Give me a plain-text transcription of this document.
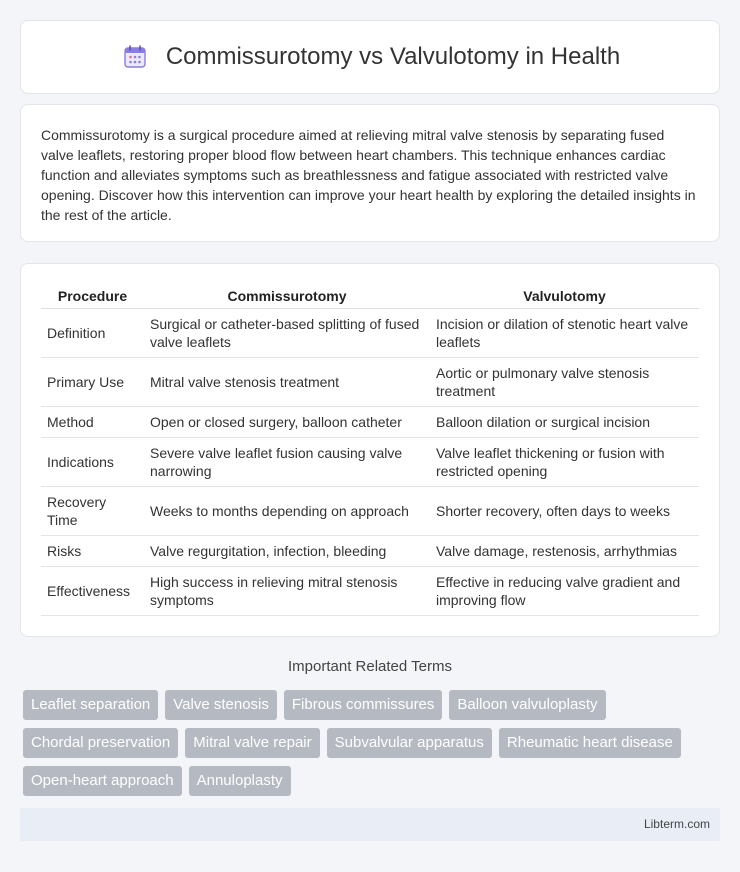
Commissurotomy vs Valvulotomy in Health

Commissurotomy is a surgical procedure aimed at relieving mitral valve stenosis by separating fused valve leaflets, restoring proper blood flow between heart chambers. This technique enhances cardiac function and alleviates symptoms such as breathlessness and fatigue associated with restricted valve opening. Discover how this intervention can improve your heart health by exploring the detailed insights in the rest of the article.

Procedure	Commissurotomy	Valvulotomy
Definition	Surgical or catheter-based splitting of fused valve leaflets	Incision or dilation of stenotic heart valve leaflets
Primary Use	Mitral valve stenosis treatment	Aortic or pulmonary valve stenosis treatment
Method	Open or closed surgery, balloon catheter	Balloon dilation or surgical incision
Indications	Severe valve leaflet fusion causing valve narrowing	Valve leaflet thickening or fusion with restricted opening
Recovery Time	Weeks to months depending on approach	Shorter recovery, often days to weeks
Risks	Valve regurgitation, infection, bleeding	Valve damage, restenosis, arrhythmias
Effectiveness	High success in relieving mitral stenosis symptoms	Effective in reducing valve gradient and improving flow
Important Related Terms
Leaflet separation	Valve stenosis	Fibrous commissures	Balloon valvuloplasty
Chordal preservation	Mitral valve repair	Subvalvular apparatus	Rheumatic heart disease
Open-heart approach	Annuloplasty
Libterm.com
